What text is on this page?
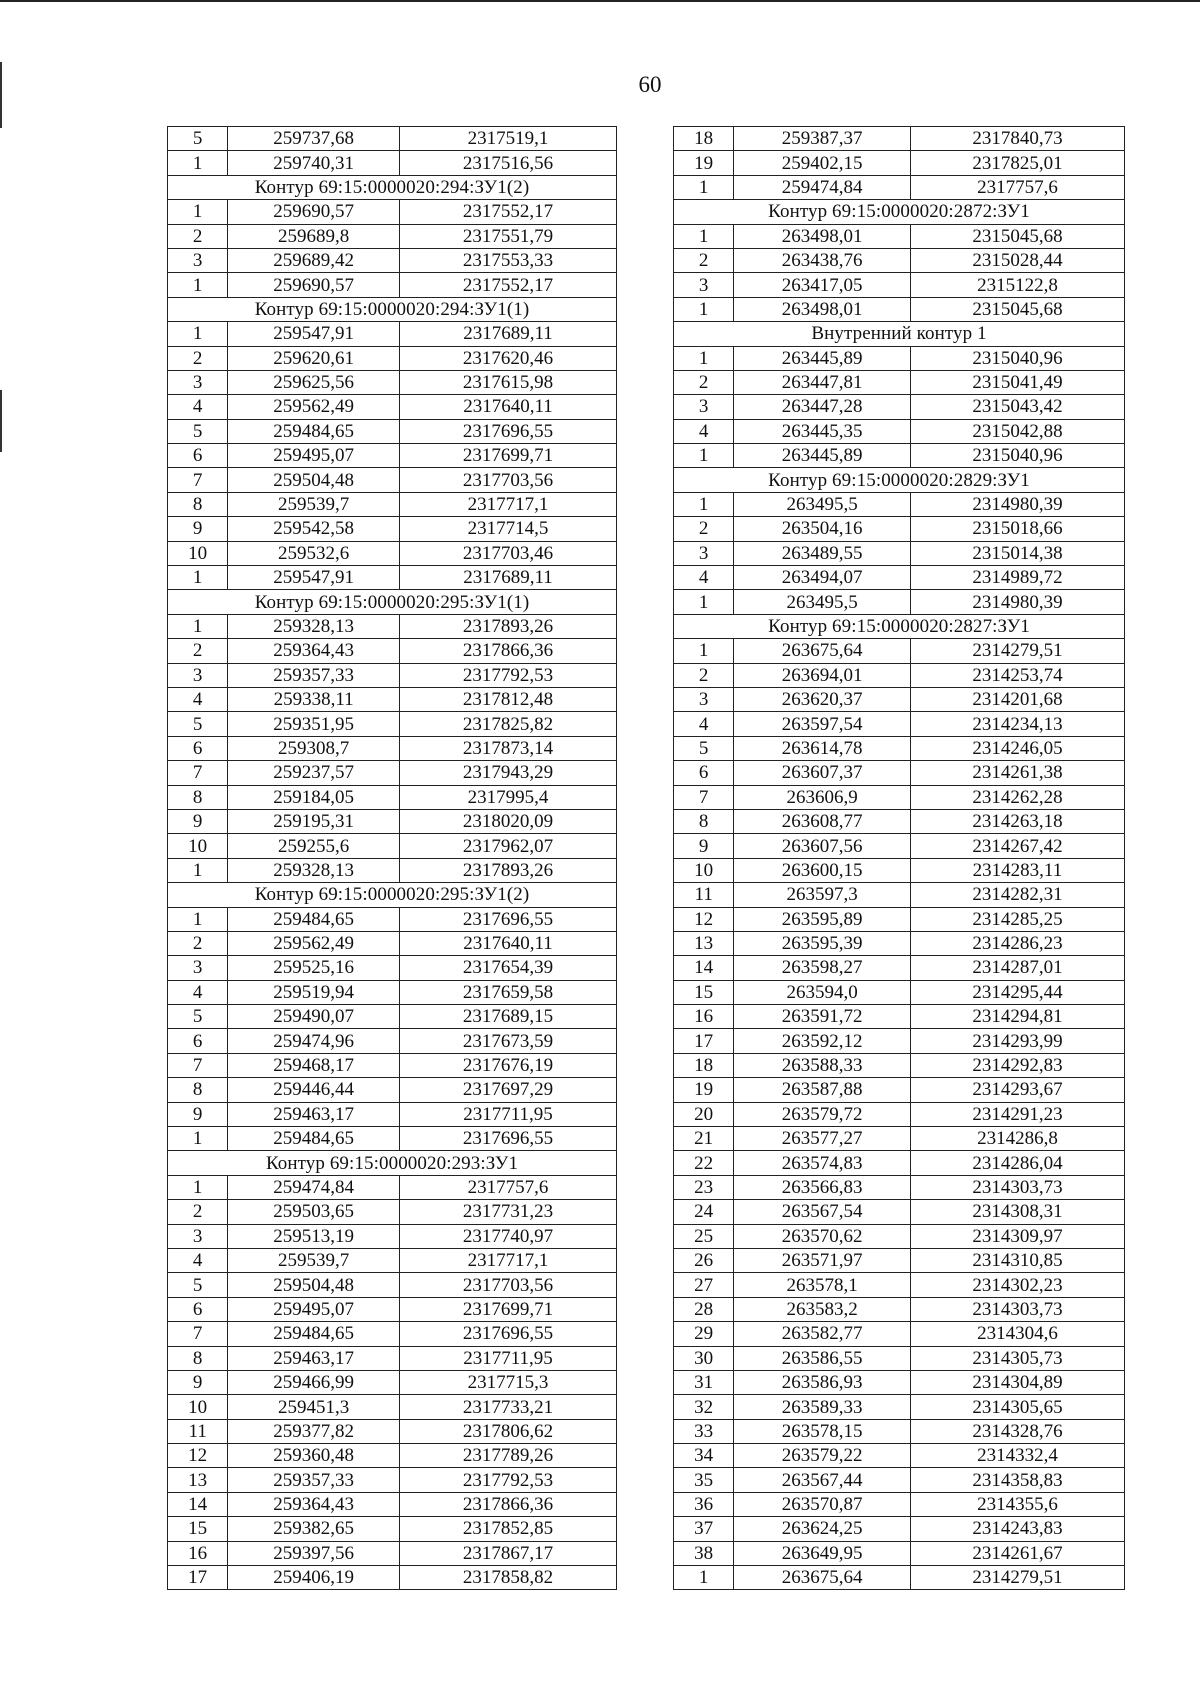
60
5	259737,68	2317519,1
1	259740,31	2317516,56
Контур 69:15:0000020:294:ЗУ1(2)		
1	259690,57	2317552,17
2	259689,8	2317551,79
3	259689,42	2317553,33
1	259690,57	2317552,17
Контур 69:15:0000020:294:ЗУ1(1)		
1	259547,91	2317689,11
2	259620,61	2317620,46
3	259625,56	2317615,98
4	259562,49	2317640,11
5	259484,65	2317696,55
6	259495,07	2317699,71
7	259504,48	2317703,56
8	259539,7	2317717,1
9	259542,58	2317714,5
10	259532,6	2317703,46
1	259547,91	2317689,11
Контур 69:15:0000020:295:ЗУ1(1)		
1	259328,13	2317893,26
2	259364,43	2317866,36
3	259357,33	2317792,53
4	259338,11	2317812,48
5	259351,95	2317825,82
6	259308,7	2317873,14
7	259237,57	2317943,29
8	259184,05	2317995,4
9	259195,31	2318020,09
10	259255,6	2317962,07
1	259328,13	2317893,26
Контур 69:15:0000020:295:ЗУ1(2)		
1	259484,65	2317696,55
2	259562,49	2317640,11
3	259525,16	2317654,39
4	259519,94	2317659,58
5	259490,07	2317689,15
6	259474,96	2317673,59
7	259468,17	2317676,19
8	259446,44	2317697,29
9	259463,17	2317711,95
1	259484,65	2317696,55
Контур 69:15:0000020:293:ЗУ1		
1	259474,84	2317757,6
2	259503,65	2317731,23
3	259513,19	2317740,97
4	259539,7	2317717,1
5	259504,48	2317703,56
6	259495,07	2317699,71
7	259484,65	2317696,55
8	259463,17	2317711,95
9	259466,99	2317715,3
10	259451,3	2317733,21
11	259377,82	2317806,62
12	259360,48	2317789,26
13	259357,33	2317792,53
14	259364,43	2317866,36
15	259382,65	2317852,85
16	259397,56	2317867,17
17	259406,19	2317858,82
18	259387,37	2317840,73
19	259402,15	2317825,01
1	259474,84	2317757,6
Контур 69:15:0000020:2872:ЗУ1		
1	263498,01	2315045,68
2	263438,76	2315028,44
3	263417,05	2315122,8
1	263498,01	2315045,68
Внутренний контур 1		
1	263445,89	2315040,96
2	263447,81	2315041,49
3	263447,28	2315043,42
4	263445,35	2315042,88
1	263445,89	2315040,96
Контур 69:15:0000020:2829:ЗУ1		
1	263495,5	2314980,39
2	263504,16	2315018,66
3	263489,55	2315014,38
4	263494,07	2314989,72
1	263495,5	2314980,39
Контур 69:15:0000020:2827:ЗУ1		
1	263675,64	2314279,51
2	263694,01	2314253,74
3	263620,37	2314201,68
4	263597,54	2314234,13
5	263614,78	2314246,05
6	263607,37	2314261,38
7	263606,9	2314262,28
8	263608,77	2314263,18
9	263607,56	2314267,42
10	263600,15	2314283,11
11	263597,3	2314282,31
12	263595,89	2314285,25
13	263595,39	2314286,23
14	263598,27	2314287,01
15	263594,0	2314295,44
16	263591,72	2314294,81
17	263592,12	2314293,99
18	263588,33	2314292,83
19	263587,88	2314293,67
20	263579,72	2314291,23
21	263577,27	2314286,8
22	263574,83	2314286,04
23	263566,83	2314303,73
24	263567,54	2314308,31
25	263570,62	2314309,97
26	263571,97	2314310,85
27	263578,1	2314302,23
28	263583,2	2314303,73
29	263582,77	2314304,6
30	263586,55	2314305,73
31	263586,93	2314304,89
32	263589,33	2314305,65
33	263578,15	2314328,76
34	263579,22	2314332,4
35	263567,44	2314358,83
36	263570,87	2314355,6
37	263624,25	2314243,83
38	263649,95	2314261,67
1	263675,64	2314279,51
